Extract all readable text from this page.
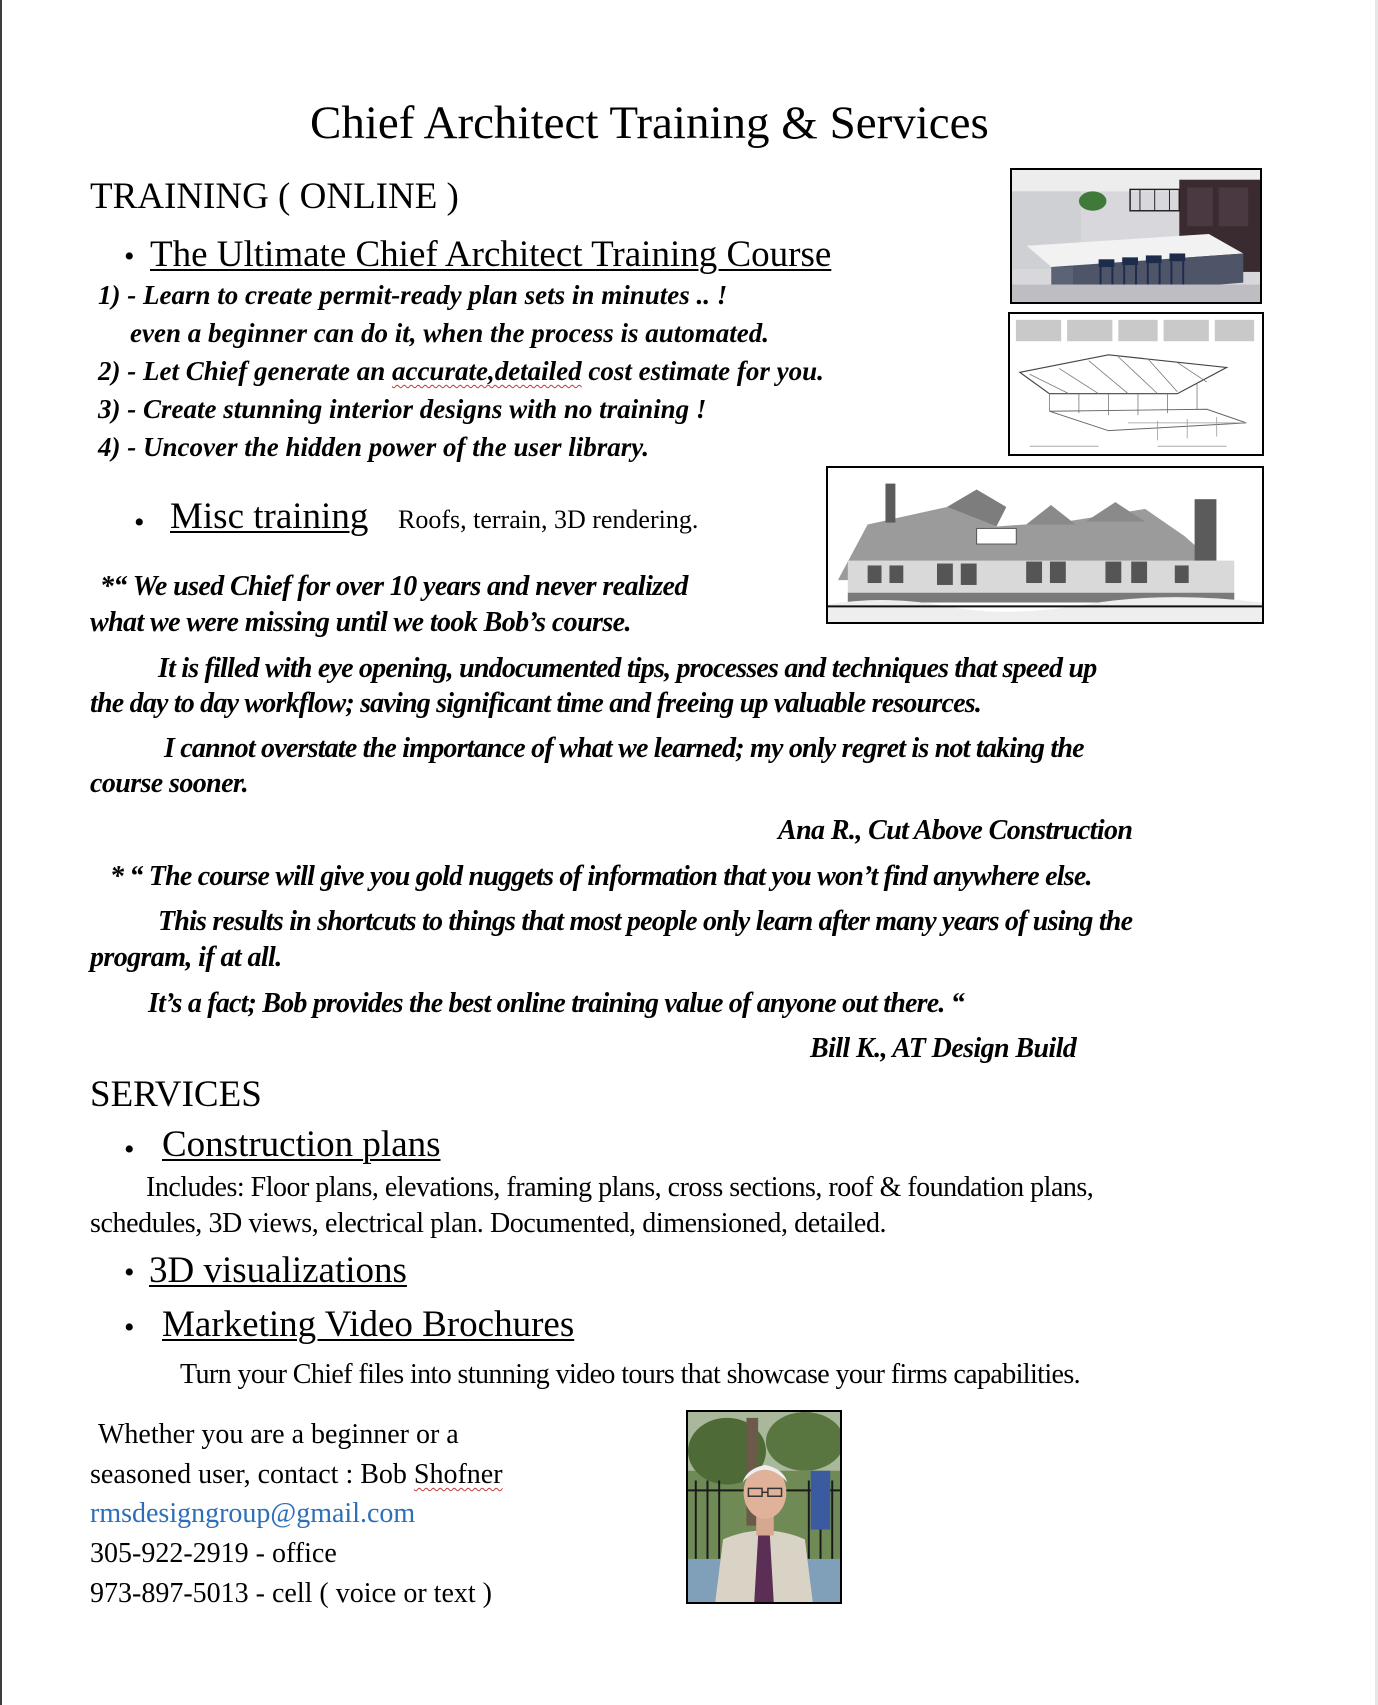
Chief Architect Training & Services
TRAINING ( ONLINE )
• The Ultimate Chief Architect Training Course
1) - Learn to create permit-ready plan sets in minutes .. !
even a beginner can do it, when the process is automated.
2) - Let Chief generate an accurate,detailed cost estimate for you.
3) - Create stunning interior designs with no training !
4) - Uncover the hidden power of the user library.
• Misc training Roofs, terrain, 3D rendering.
*“ We used Chief for over 10 years and never realized
what we were missing until we took Bob’s course.
It is filled with eye opening, undocumented tips, processes and techniques that speed up
the day to day workflow; saving significant time and freeing up valuable resources.
I cannot overstate the importance of what we learned; my only regret is not taking the
course sooner.
Ana R., Cut Above Construction
* “ The course will give you gold nuggets of information that you won’t find anywhere else.
This results in shortcuts to things that most people only learn after many years of using the
program, if at all.
It’s a fact; Bob provides the best online training value of anyone out there. “
Bill K., AT Design Build
SERVICES
• Construction plans
Includes: Floor plans, elevations, framing plans, cross sections, roof & foundation plans,
schedules, 3D views, electrical plan. Documented, dimensioned, detailed.
• 3D visualizations
• Marketing Video Brochures
Turn your Chief files into stunning video tours that showcase your firms capabilities.
Whether you are a beginner or a
seasoned user, contact : Bob Shofner
rmsdesigngroup@gmail.com
305-922-2919 - office
973-897-5013 - cell ( voice or text )
